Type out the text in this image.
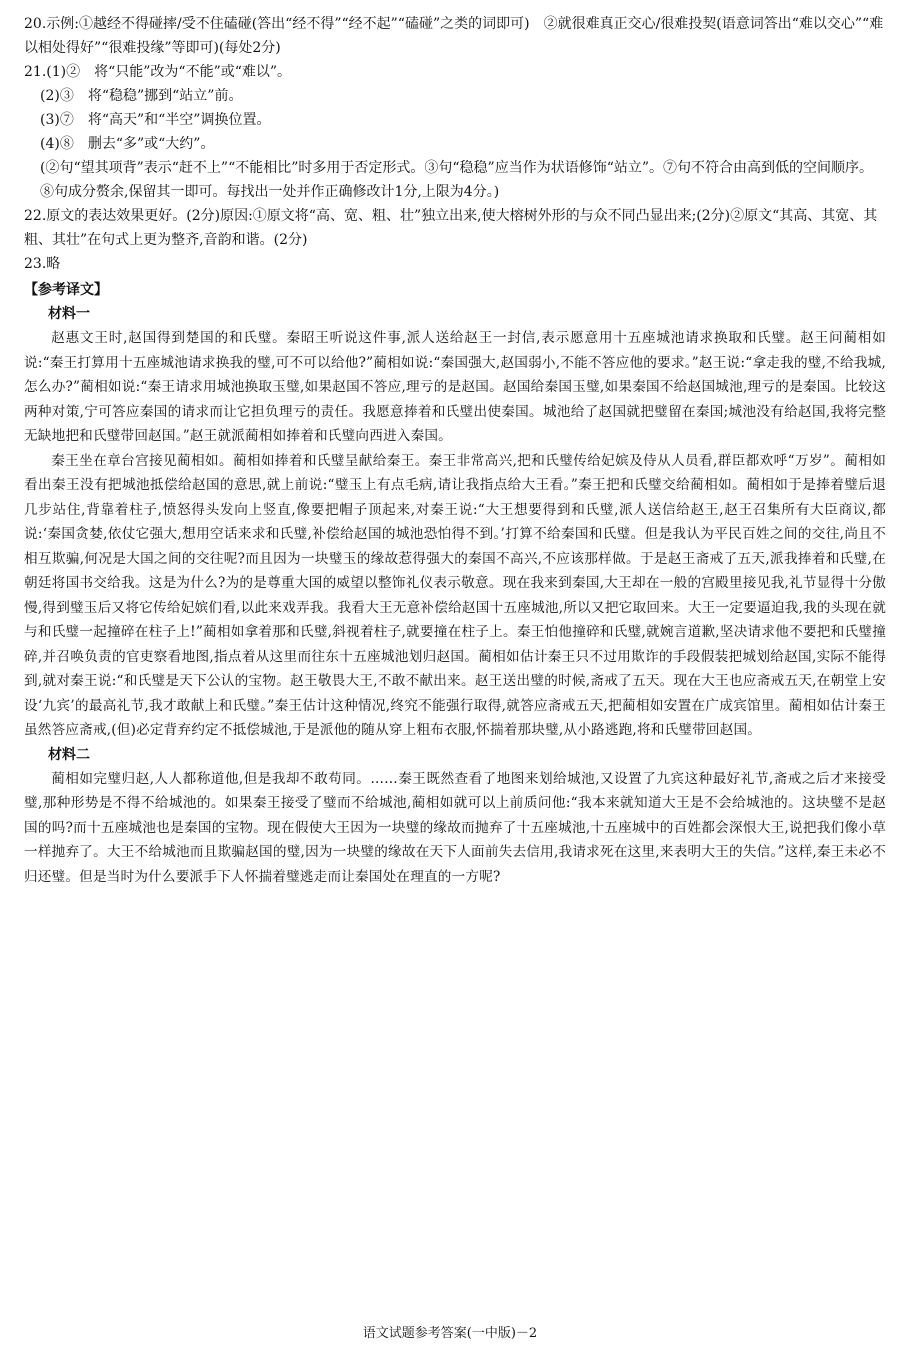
20.示例:①越经不得碰摔/受不住磕碰(答出“经不得”“经不起”“磕碰”之类的词即可)　②就很难真正交心/很难投契(语意词答出“难以交心”“难以相处得好”“很难投缘”等即可)(每处2分)

21.(1)②　将“只能”改为“不能”或“难以”。

(2)③　将“稳稳”挪到“站立”前。

(3)⑦　将“高天”和“半空”调换位置。

(4)⑧　删去“多”或“大约”。

(②句“望其项背”表示“赶不上”“不能相比”时多用于否定形式。③句“稳稳”应当作为状语修饰“站立”。⑦句不符合由高到低的空间顺序。⑧句成分赘余,保留其一即可。每找出一处并作正确修改计1分,上限为4分。)

22.原文的表达效果更好。(2分)原因:①原文将“高、宽、粗、壮”独立出来,使大榕树外形的与众不同凸显出来;(2分)②原文“其高、其宽、其粗、其壮”在句式上更为整齐,音韵和谐。(2分)

23.略

【参考译文】

材料一

赵惠文王时,赵国得到楚国的和氏璧。秦昭王听说这件事,派人送给赵王一封信,表示愿意用十五座城池请求换取和氏璧。赵王问蔺相如说:“秦王打算用十五座城池请求换我的璧,可不可以给他?”蔺相如说:“秦国强大,赵国弱小,不能不答应他的要求。”赵王说:“拿走我的璧,不给我城,怎么办?”蔺相如说:“秦王请求用城池换取玉璧,如果赵国不答应,理亏的是赵国。赵国给秦国玉璧,如果秦国不给赵国城池,理亏的是秦国。比较这两种对策,宁可答应秦国的请求而让它担负理亏的责任。我愿意捧着和氏璧出使秦国。城池给了赵国就把璧留在秦国;城池没有给赵国,我将完整无缺地把和氏璧带回赵国。”赵王就派蔺相如捧着和氏璧向西进入秦国。

秦王坐在章台宫接见蔺相如。蔺相如捧着和氏璧呈献给秦王。秦王非常高兴,把和氏璧传给妃嫔及侍从人员看,群臣都欢呼“万岁”。蔺相如看出秦王没有把城池抵偿给赵国的意思,就上前说:“璧玉上有点毛病,请让我指点给大王看。”秦王把和氏璧交给蔺相如。蔺相如于是捧着璧后退几步站住,背靠着柱子,愤怒得头发向上竖直,像要把帽子顶起来,对秦王说:“大王想要得到和氏璧,派人送信给赵王,赵王召集所有大臣商议,都说:‘秦国贪婪,依仗它强大,想用空话来求和氏璧,补偿给赵国的城池恐怕得不到。’打算不给秦国和氏璧。但是我认为平民百姓之间的交往,尚且不相互欺骗,何况是大国之间的交往呢?而且因为一块璧玉的缘故惹得强大的秦国不高兴,不应该那样做。于是赵王斋戒了五天,派我捧着和氏璧,在朝廷将国书交给我。这是为什么?为的是尊重大国的威望以整饰礼仪表示敬意。现在我来到秦国,大王却在一般的宫殿里接见我,礼节显得十分傲慢,得到璧玉后又将它传给妃嫔们看,以此来戏弄我。我看大王无意补偿给赵国十五座城池,所以又把它取回来。大王一定要逼迫我,我的头现在就与和氏璧一起撞碎在柱子上!”蔺相如拿着那和氏璧,斜视着柱子,就要撞在柱子上。秦王怕他撞碎和氏璧,就婉言道歉,坚决请求他不要把和氏璧撞碎,并召唤负责的官吏察看地图,指点着从这里而往东十五座城池划归赵国。蔺相如估计秦王只不过用欺诈的手段假装把城划给赵国,实际不能得到,就对秦王说:“和氏璧是天下公认的宝物。赵王敬畏大王,不敢不献出来。赵王送出璧的时候,斋戒了五天。现在大王也应斋戒五天,在朝堂上安设‘九宾’的最高礼节,我才敢献上和氏璧。”秦王估计这种情况,终究不能强行取得,就答应斋戒五天,把蔺相如安置在广成宾馆里。蔺相如估计秦王虽然答应斋戒,(但)必定背弃约定不抵偿城池,于是派他的随从穿上粗布衣服,怀揣着那块璧,从小路逃跑,将和氏璧带回赵国。

材料二

蔺相如完璧归赵,人人都称道他,但是我却不敢苟同。……秦王既然查看了地图来划给城池,又设置了九宾这种最好礼节,斋戒之后才来接受璧,那种形势是不得不给城池的。如果秦王接受了璧而不给城池,蔺相如就可以上前质问他:“我本来就知道大王是不会给城池的。这块璧不是赵国的吗?而十五座城池也是秦国的宝物。现在假使大王因为一块璧的缘故而抛弃了十五座城池,十五座城中的百姓都会深恨大王,说把我们像小草一样抛弃了。大王不给城池而且欺骗赵国的璧,因为一块璧的缘故在天下人面前失去信用,我请求死在这里,来表明大王的失信。”这样,秦王未必不归还璧。但是当时为什么要派手下人怀揣着璧逃走而让秦国处在理直的一方呢?

语文试题参考答案(一中版)－2
